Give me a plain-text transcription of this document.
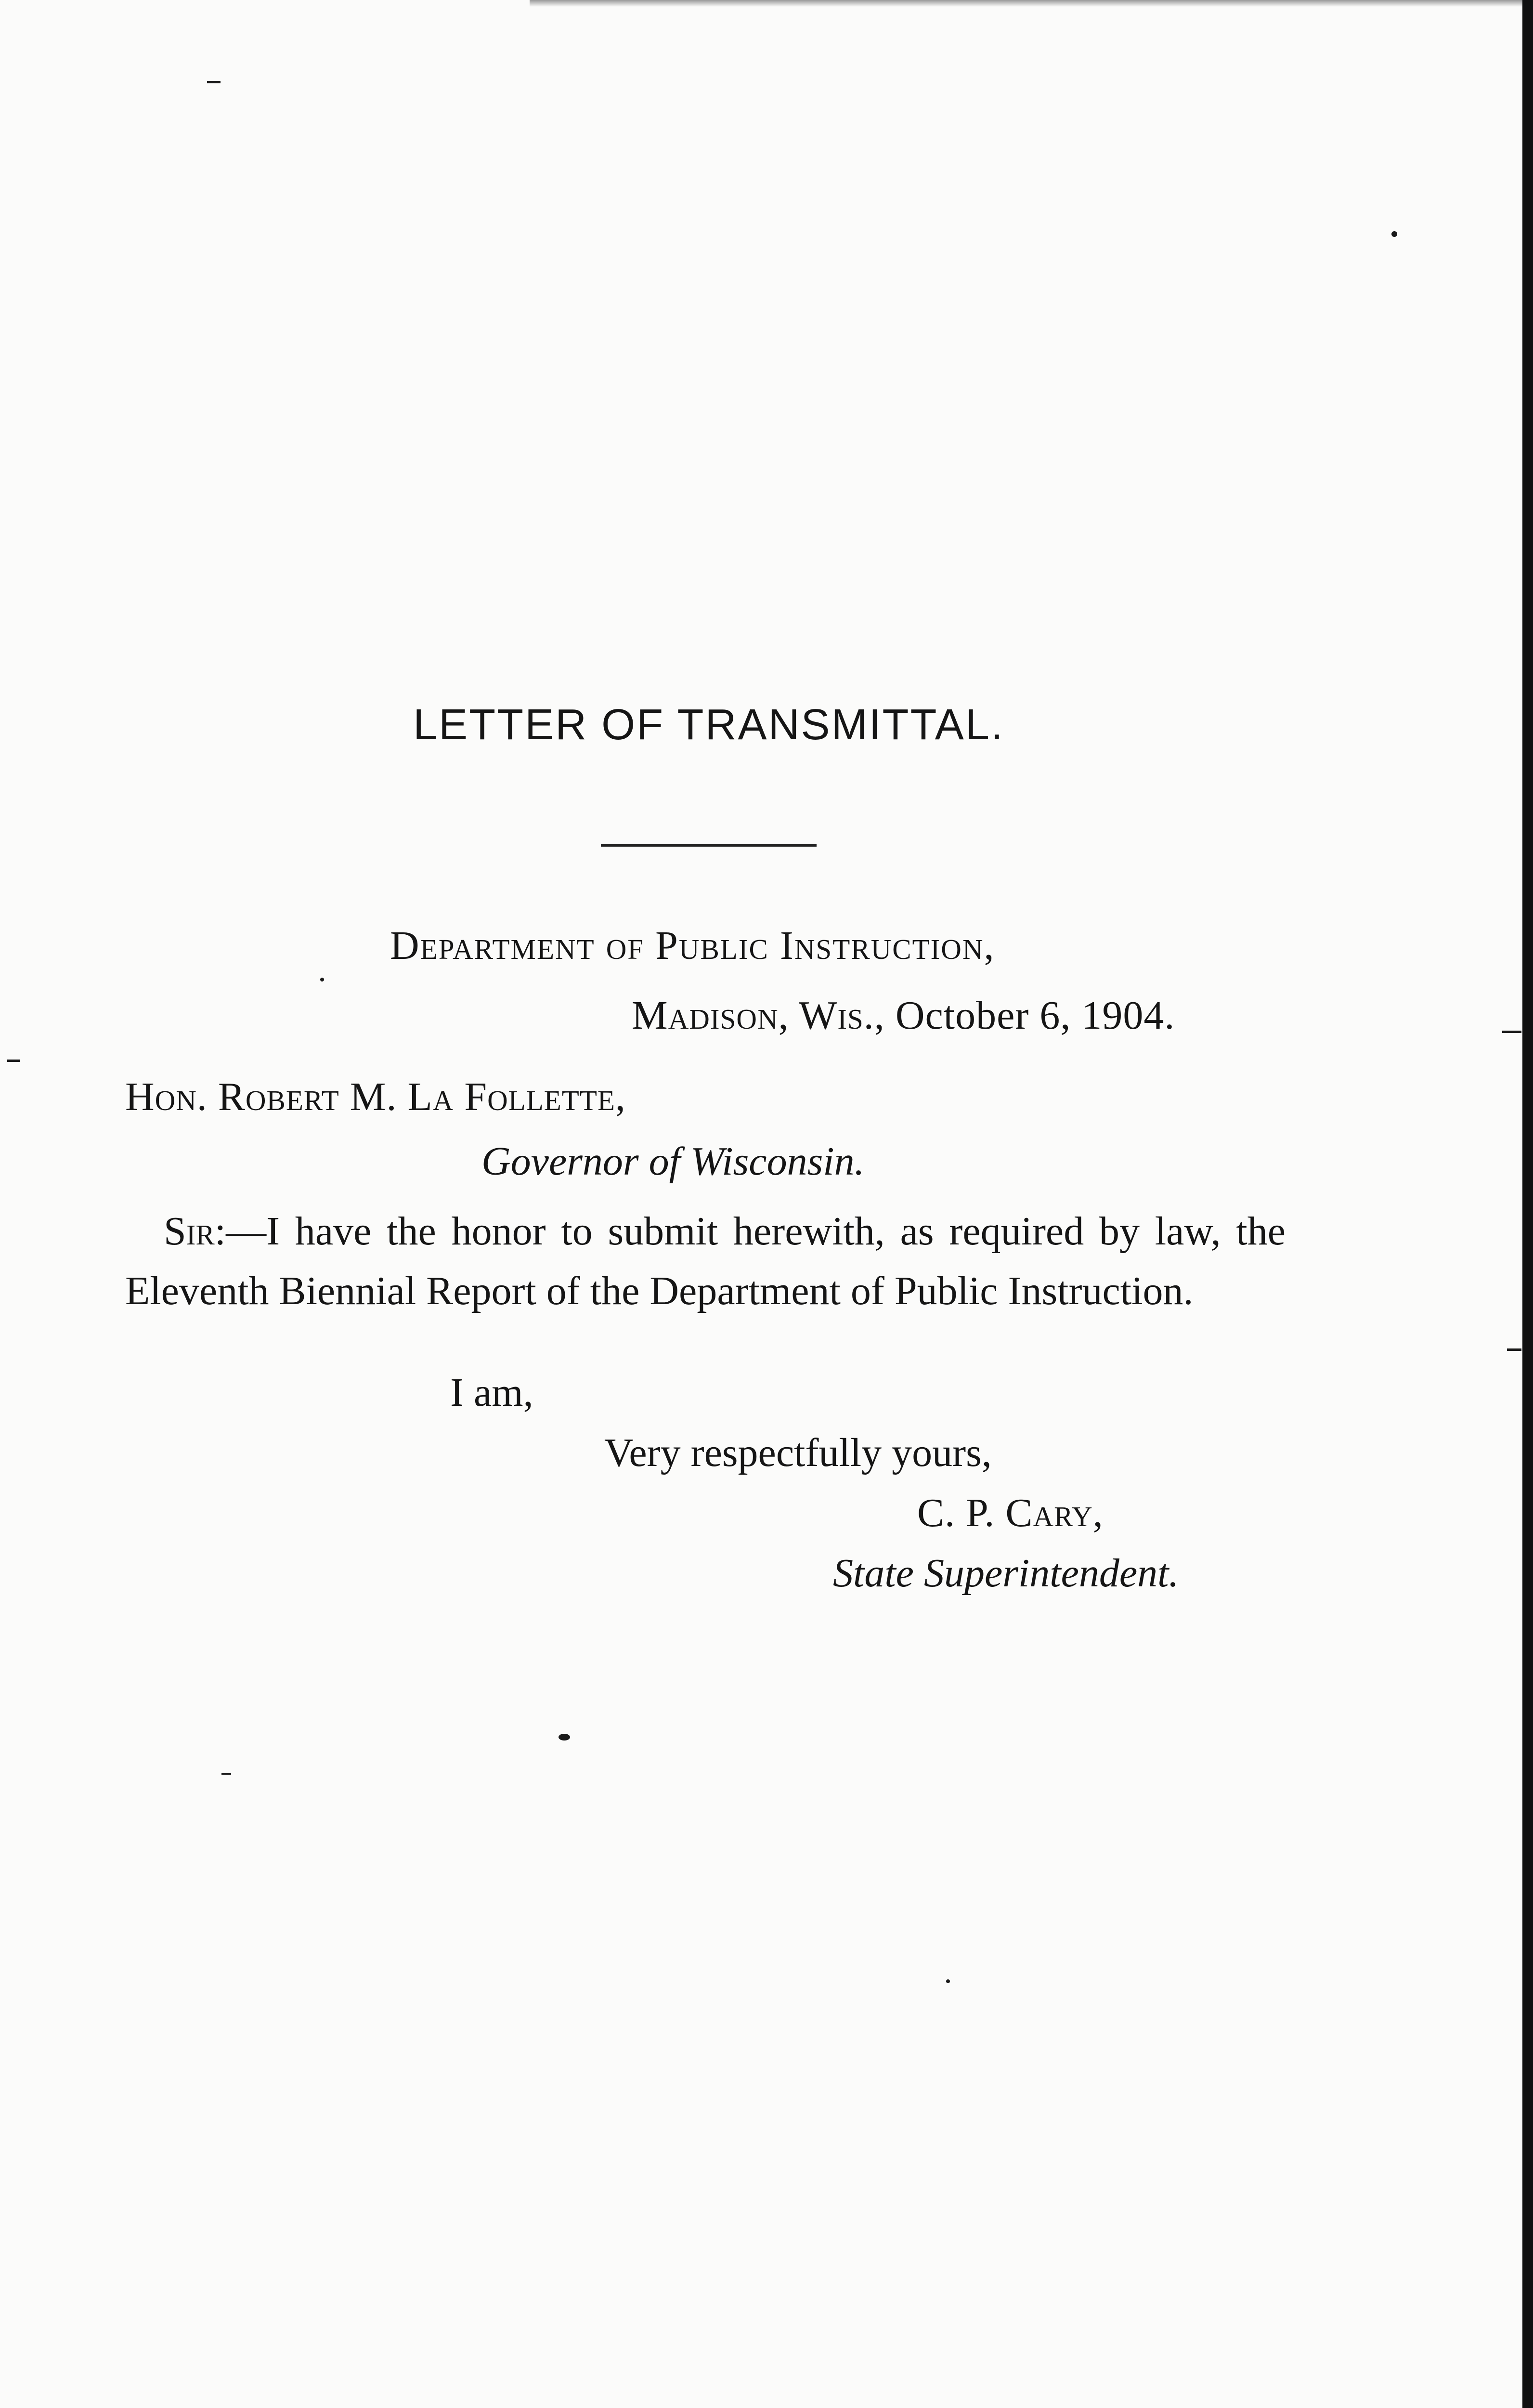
LETTER OF TRANSMITTAL.
Department of Public Instruction,
Madison, Wis., October 6, 1904.
Hon. Robert M. La Follette,
Governor of Wisconsin.
Sir:—I have the honor to submit herewith, as required by law, the Eleventh Biennial Report of the Department of Public Instruction.
I am,
Very respectfully yours,
C. P. Cary,
State Superintendent.
